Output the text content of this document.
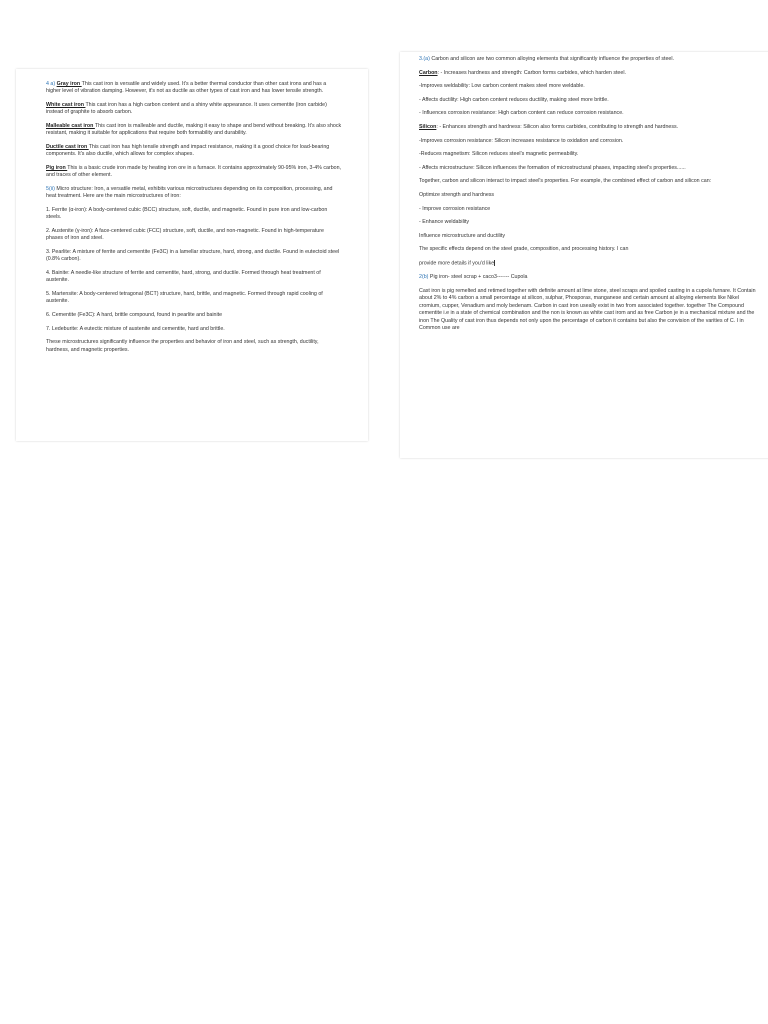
4 a) Gray iron This cast iron is versatile and widely used. It's a better thermal conductor than other cast irons and has a higher level of vibration damping. However, it's not as ductile as other types of cast iron and has lower tensile strength.

White cast iron This cast iron has a high carbon content and a shiny white appearance. It uses cementite (iron carbide) instead of graphite to absorb carbon.

Malleable cast iron This cast iron is malleable and ductile, making it easy to shape and bend without breaking. It's also shock resistant, making it suitable for applications that require both formability and durability.

Ductile cast iron This cast iron has high tensile strength and impact resistance, making it a good choice for load-bearing components. It's also ductile, which allows for complex shapes.

Pig iron This is a basic crude iron made by heating iron ore in a furnace. It contains approximately 90-95% iron, 3-4% carbon, and traces of other element.

5(ii) Micro structure: Iron, a versatile metal, exhibits various microstructures depending on its composition, processing, and heat treatment. Here are the main microstructures of iron:

1. Ferrite (α-iron): A body-centered cubic (BCC) structure, soft, ductile, and magnetic. Found in pure iron and low-carbon steels.

2. Austenite (γ-iron): A face-centered cubic (FCC) structure, soft, ductile, and non-magnetic. Found in high-temperature phases of iron and steel.

3. Pearlite: A mixture of ferrite and cementite (Fe3C) in a lamellar structure, hard, strong, and ductile. Found in eutectoid steel (0.8% carbon).

4. Bainite: A needle-like structure of ferrite and cementite, hard, strong, and ductile. Formed through heat treatment of austenite.

5. Martensite: A body-centered tetragonal (BCT) structure, hard, brittle, and magnetic. Formed through rapid cooling of austenite.

6. Cementite (Fe3C): A hard, brittle compound, found in pearlite and bainite

7. Ledeburite: A eutectic mixture of austenite and cementite, hard and brittle.

These microstructures significantly influence the properties and behavior of iron and steel, such as strength, ductility, hardness, and magnetic properties.

3.(a) Carbon and silicon are two common alloying elements that significantly influence the properties of steel.

Carbon: - Increases hardness and strength: Carbon forms carbides, which harden steel.

-Improves weldability: Low carbon content makes steel more weldable.

- Affects ductility: High carbon content reduces ductility, making steel more brittle.

- Influences corrosion resistance: High carbon content can reduce corrosion resistance.

Silicon: - Enhances strength and hardness: Silicon also forms carbides, contributing to strength and hardness.

-Improves corrosion resistance: Silicon increases resistance to oxidation and corrosion.

-Reduces magnetism: Silicon reduces steel's magnetic permeability.

- Affects microstructure: Silicon influences the formation of microstructural phases, impacting steel's properties......

Together, carbon and silicon interact to impact steel's properties. For example, the combined effect of carbon and silicon can:

Optimize strength and hardness

- Improve corrosion resistance

- Enhance weldability

Influence microstructure and ductility

The specific effects depend on the steel grade, composition, and processing history. I can

provide more details if you'd like

2(b) Pig iron- steel scrap + caco3------- Cupola

Cast iron is pig remelted and retimed together with definite amount at lime stone, steel scraps and spoiled casting in a cupola furnare. It Contain about 2% to 4% carbon a small percentage at silicon, sulphar, Phosporas, manganese and certain amount at alloying elements like Nikel cromium, cupper, Venadium and moly bedenam. Carbon in cast iron useally exist in two from associated together. together The Compound cementite i.e in a state of chemical combination and the non is known as white cast irom and as free Carbon je in a mechanical mixture and the inon The Quality of cast iron thus depends not only upon the percentage of carbon it contains but also the convision of the varities of C. I in Common use are
